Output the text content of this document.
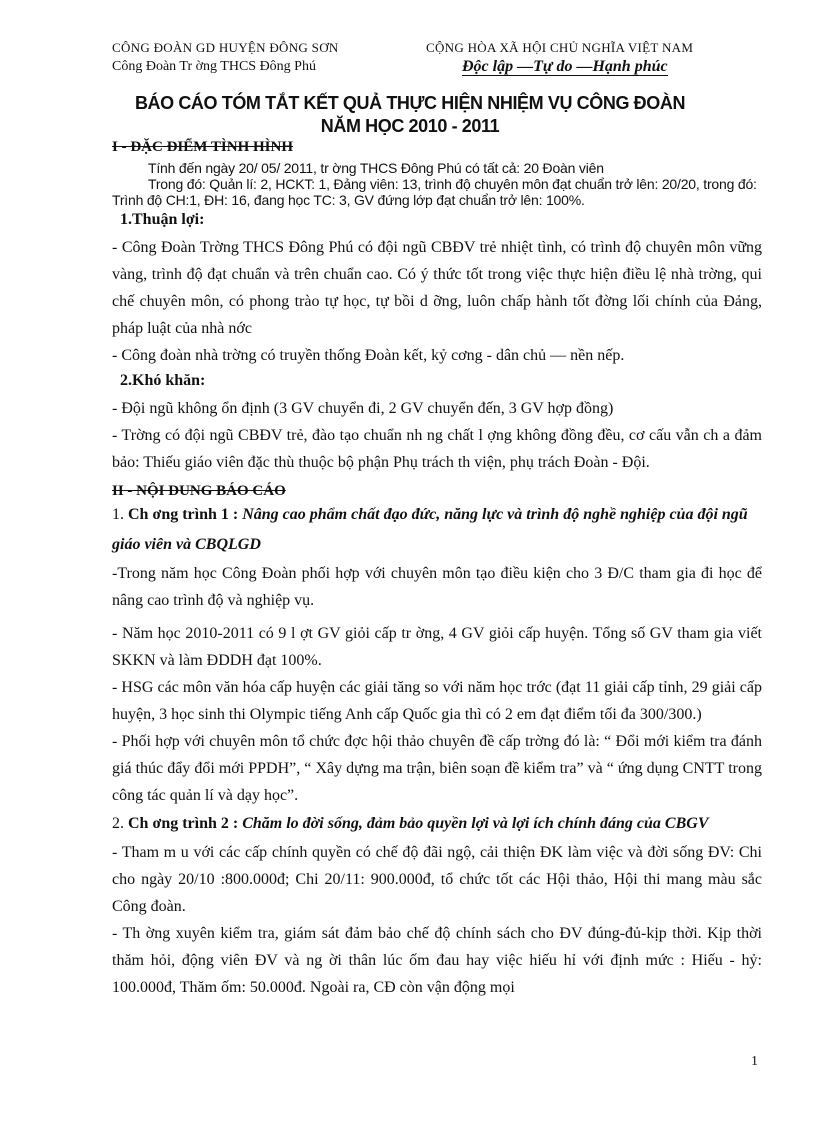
CÔNG ĐOÀN GD HUYỆN ĐÔNG SƠN
Công Đoàn Tr ờng THCS Đông Phú
CỘNG HÒA XÃ HỘI CHỦ NGHĨA VIỆT NAM
Độc lập —Tự do —Hạnh phúc
BÁO CÁO TÓM TẮT KẾT QUẢ THỰC HIỆN NHIỆM VỤ CÔNG ĐOÀN
NĂM HỌC 2010 - 2011

I - ĐẶC ĐIỂM TÌNH HÌNH

Tính đến ngày 20/ 05/ 2011, tr ờng THCS Đông Phú có tất cả: 20 Đoàn viên
Trong đó: Quản lí: 2, HCKT: 1, Đảng viên: 13, trình độ chuyên môn đạt chuẩn trở lên: 20/20, trong đó: Trình độ CH:1, ĐH: 16, đang học TC: 3, GV đứng lớp đạt chuẩn trở lên: 100%.

1.Thuận lợi:

- Công Đoàn Trờng THCS Đông Phú có đội ngũ CBĐV trẻ nhiệt tình, có trình độ chuyên môn vững vàng, trình độ đạt chuẩn và trên chuẩn cao. Có ý thức tốt trong việc thực hiện điều lệ nhà trờng, qui chế chuyên môn, có phong trào tự học, tự bồi d ỡng, luôn chấp hành tốt đờng lối chính của Đảng, pháp luật của nhà nớc

- Công đoàn nhà trờng có truyền thống Đoàn kết, kỷ cơng - dân chủ — nền nếp.

2.Khó khăn:

- Đội ngũ không ổn định (3 GV chuyển đi, 2 GV chuyển đến, 3 GV hợp đồng)

- Trờng có đội ngũ CBĐV trẻ, đào tạo chuẩn nh ng chất l ợng không đồng đều, cơ cấu vẫn ch a đảm bảo: Thiếu giáo viên đặc thù thuộc bộ phận Phụ trách th viện, phụ trách Đoàn - Đội.

II - NỘI DUNG BÁO CÁO

1. Ch ơng trình 1 : Nâng cao phẩm chất đạo đức, năng lực và trình độ nghề nghiệp của đội ngũ giáo viên và CBQLGD

-Trong năm học Công Đoàn phối hợp với chuyên môn tạo điều kiện cho 3 Đ/C tham gia đi học để nâng cao trình độ và nghiệp vụ.

- Năm học 2010-2011 có 9 l ợt GV giỏi cấp tr ờng, 4 GV giỏi cấp huyện. Tổng số GV tham gia viết SKKN và làm ĐDDH đạt 100%.

- HSG các môn văn hóa cấp huyện các giải tăng so với năm học trớc (đạt 11 giải cấp tỉnh, 29 giải cấp huyện, 3 học sinh thi Olympic tiếng Anh cấp Quốc gia thì có 2 em đạt điểm tối đa 300/300.)

- Phối hợp với chuyên môn tổ chức đợc hội thảo chuyên đề cấp trờng đó là: “ Đổi mới kiểm tra đánh giá thúc đẩy đổi mới PPDH”, “ Xây dựng ma trận, biên soạn đề kiểm tra” và “ ứng dụng CNTT trong công tác quản lí và dạy học”.

2. Ch ơng trình 2 : Chăm lo đời sống, đảm bảo quyền lợi và lợi ích chính đáng của CBGV

- Tham m u với các cấp chính quyền có chế độ đãi ngộ, cải thiện ĐK làm việc và đời sống ĐV: Chi cho ngày 20/10 :800.000đ; Chi 20/11: 900.000đ, tổ chức tốt các Hội thảo, Hội thi mang màu sắc Công đoàn.

- Th ờng xuyên kiểm tra, giám sát đảm bảo chế độ chính sách cho ĐV đúng-đủ-kịp thời. Kịp thời thăm hỏi, động viên ĐV và ng ời thân lúc ốm đau hay việc hiếu hỉ với định mức : Hiếu - hỷ: 100.000đ, Thăm ốm: 50.000đ. Ngoài ra, CĐ còn vận động mọi

1
